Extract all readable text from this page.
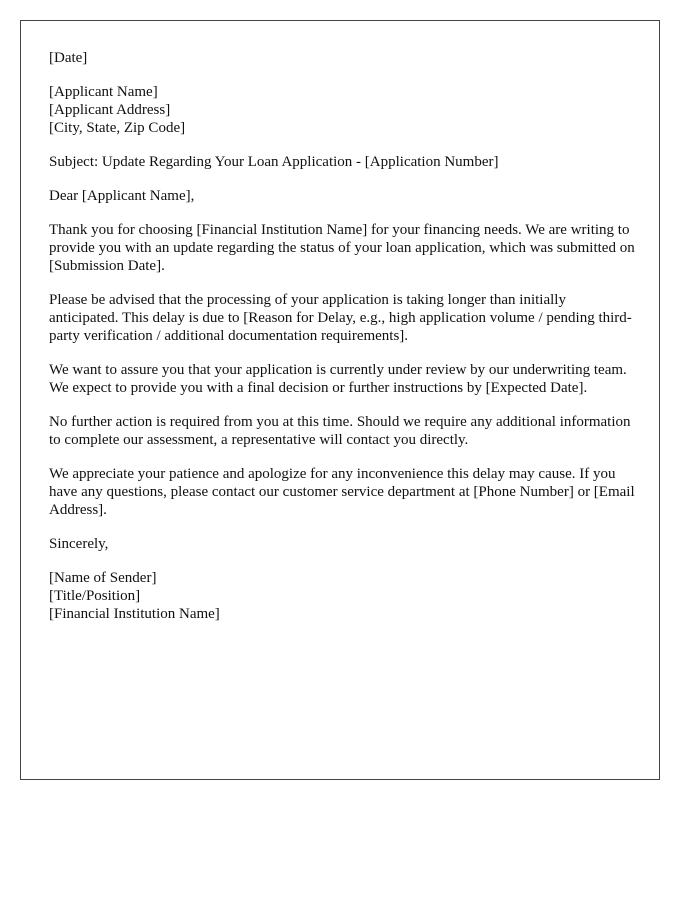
[Date]
[Applicant Name]
[Applicant Address]
[City, State, Zip Code]
Subject: Update Regarding Your Loan Application - [Application Number]
Dear [Applicant Name],

Thank you for choosing [Financial Institution Name] for your financing needs. We are writing to provide you with an update regarding the status of your loan application, which was submitted on [Submission Date].

Please be advised that the processing of your application is taking longer than initially anticipated. This delay is due to [Reason for Delay, e.g., high application volume / pending third-party verification / additional documentation requirements].

We want to assure you that your application is currently under review by our underwriting team. We expect to provide you with a final decision or further instructions by [Expected Date].

No further action is required from you at this time. Should we require any additional information to complete our assessment, a representative will contact you directly.

We appreciate your patience and apologize for any inconvenience this delay may cause. If you have any questions, please contact our customer service department at [Phone Number] or [Email Address].

Sincerely,
[Name of Sender]
[Title/Position]
[Financial Institution Name]
